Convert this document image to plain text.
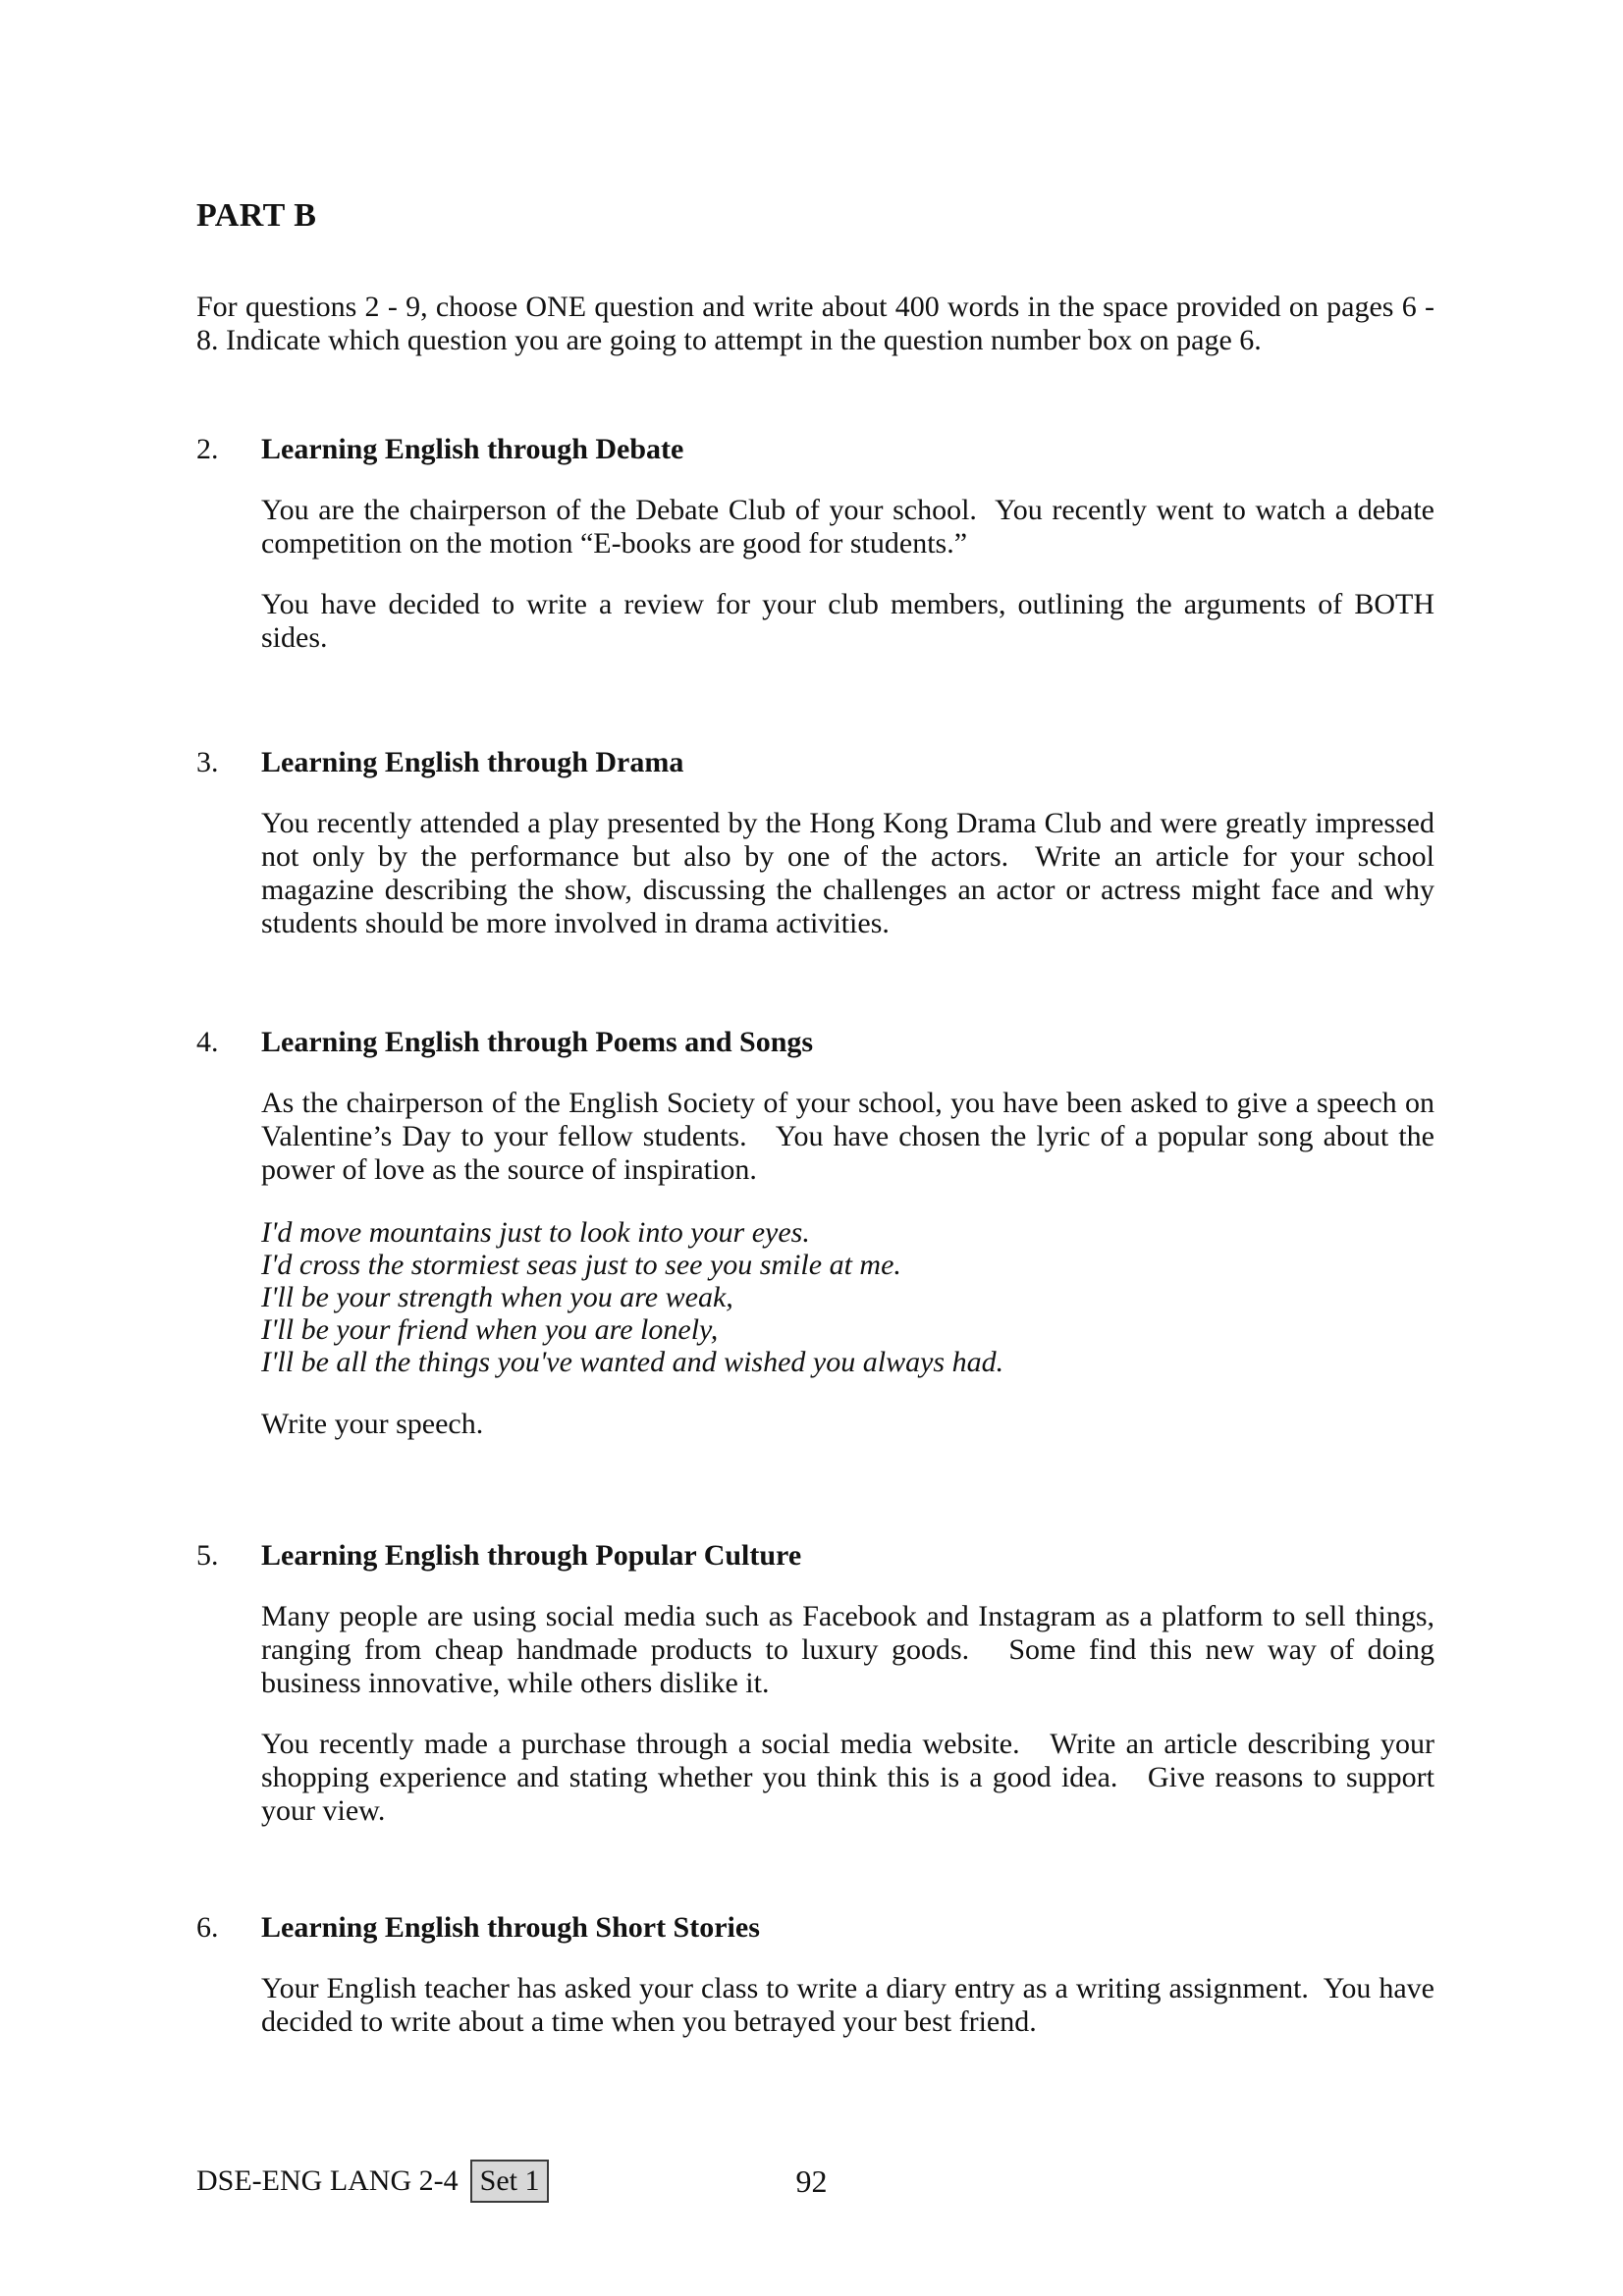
PART B

For questions 2 - 9, choose ONE question and write about 400 words in the space provided on pages 6 - 8. Indicate which question you are going to attempt in the question number box on page 6.

2.	Learning English through Debate

You are the chairperson of the Debate Club of your school.  You recently went to watch a debate competition on the motion “E-books are good for students.”

You have decided to write a review for your club members, outlining the arguments of BOTH sides.

3.	Learning English through Drama

You recently attended a play presented by the Hong Kong Drama Club and were greatly impressed not only by the performance but also by one of the actors.  Write an article for your school magazine describing the show, discussing the challenges an actor or actress might face and why students should be more involved in drama activities.

4.	Learning English through Poems and Songs

As the chairperson of the English Society of your school, you have been asked to give a speech on Valentine’s Day to your fellow students.   You have chosen the lyric of a popular song about the power of love as the source of inspiration.

I'd move mountains just to look into your eyes.
I'd cross the stormiest seas just to see you smile at me.
I'll be your strength when you are weak,
I'll be your friend when you are lonely,
I'll be all the things you've wanted and wished you always had.

Write your speech.

5.	Learning English through Popular Culture

Many people are using social media such as Facebook and Instagram as a platform to sell things, ranging from cheap handmade products to luxury goods.   Some find this new way of doing business innovative, while others dislike it.

You recently made a purchase through a social media website.   Write an article describing your shopping experience and stating whether you think this is a good idea.   Give reasons to support your view.

6.	Learning English through Short Stories

Your English teacher has asked your class to write a diary entry as a writing assignment.  You have decided to write about a time when you betrayed your best friend.

DSE-ENG LANG 2-4 Set 1	92
